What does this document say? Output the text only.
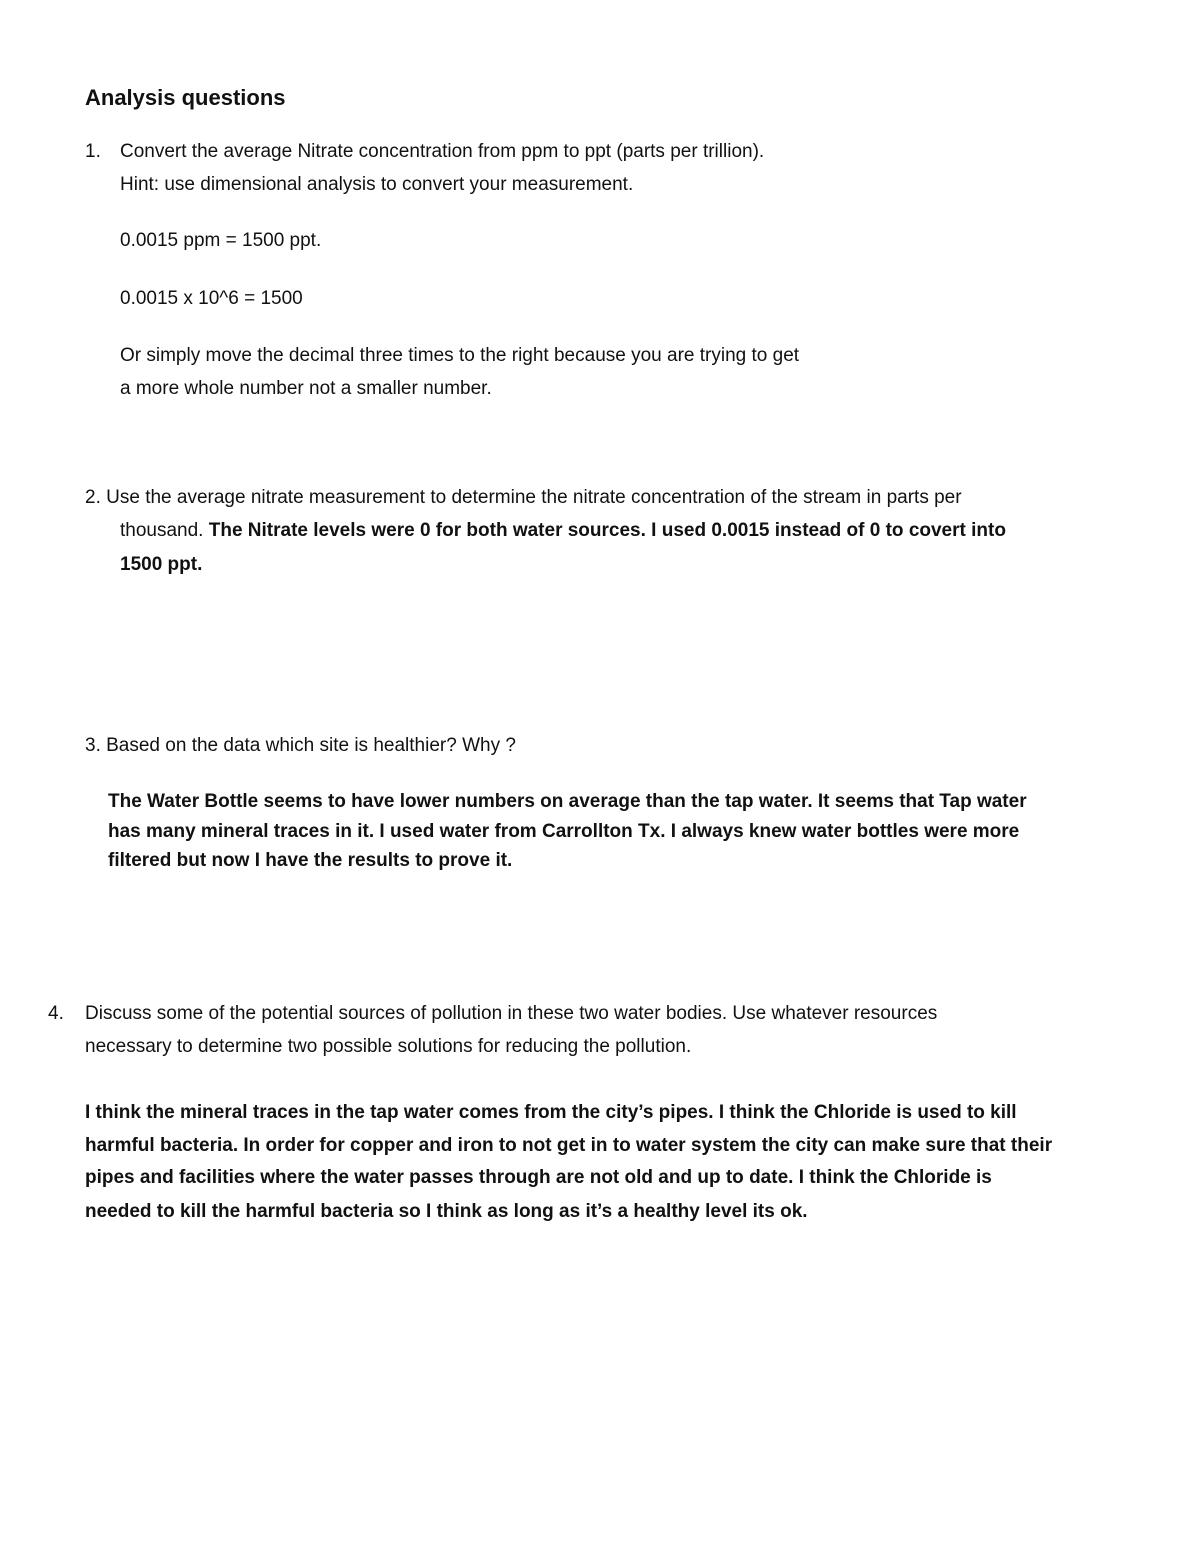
Analysis questions
1. Convert the average Nitrate concentration from ppm to ppt (parts per trillion).
Hint: use dimensional analysis to convert your measurement.
0.0015 ppm = 1500 ppt.
0.0015 x 10^6 = 1500
Or simply move the decimal three times to the right because you are trying to get
a more whole number not a smaller number.
2. Use the average nitrate measurement to determine the nitrate concentration of the stream in parts per
thousand. The Nitrate levels were 0 for both water sources. I used 0.0015 instead of 0 to covert into
1500 ppt.
3. Based on the data which site is healthier? Why ?
The Water Bottle seems to have lower numbers on average than the tap water. It seems that Tap water
has many mineral traces in it. I used water from Carrollton Tx. I always knew water bottles were more
filtered but now I have the results to prove it.
4. Discuss some of the potential sources of pollution in these two water bodies. Use whatever resources
necessary to determine two possible solutions for reducing the pollution.
I think the mineral traces in the tap water comes from the city’s pipes. I think the Chloride is used to kill
harmful bacteria. In order for copper and iron to not get in to water system the city can make sure that their
pipes and facilities where the water passes through are not old and up to date. I think the Chloride is
needed to kill the harmful bacteria so I think as long as it’s a healthy level its ok.
